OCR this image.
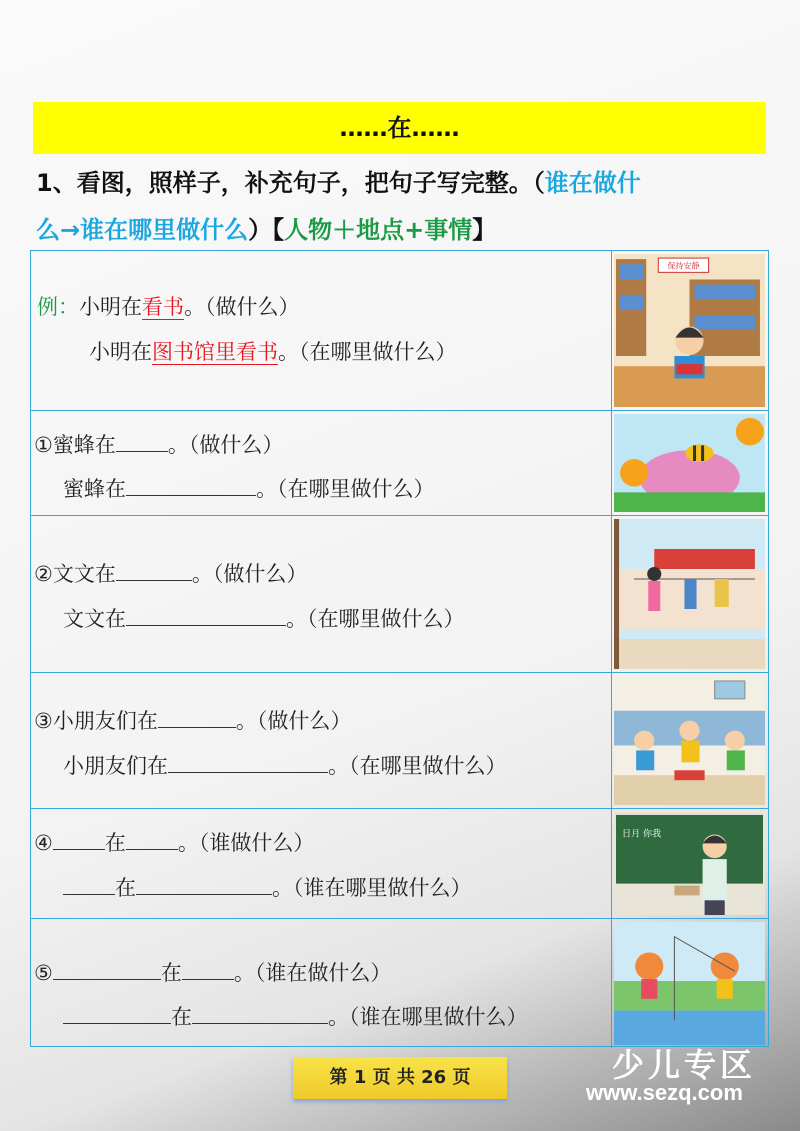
……在……
1、看图，照样子，补充句子，把句子写完整。（谁在做什
么→谁在哪里做什么）【人物＋地点+事情】
例：小明在看书。（做什么）
小明在图书馆里看书。（在哪里做什么）
保持安静
①蜜蜂在 。（做什么）
蜜蜂在	。（在哪里做什么）
②文文在	。（做什么）
文文在	。（在哪里做什么）
③小朋友们在	。（做什么）
小朋友们在	。（在哪里做什么）
④ 在 。（谁做什么）
在	。（谁在哪里做什么）
日月 你我
⑤	在 。（谁在做什么）
在	。（谁在哪里做什么）
第 1 页 共 26 页	少儿专区
www.sezq.com
